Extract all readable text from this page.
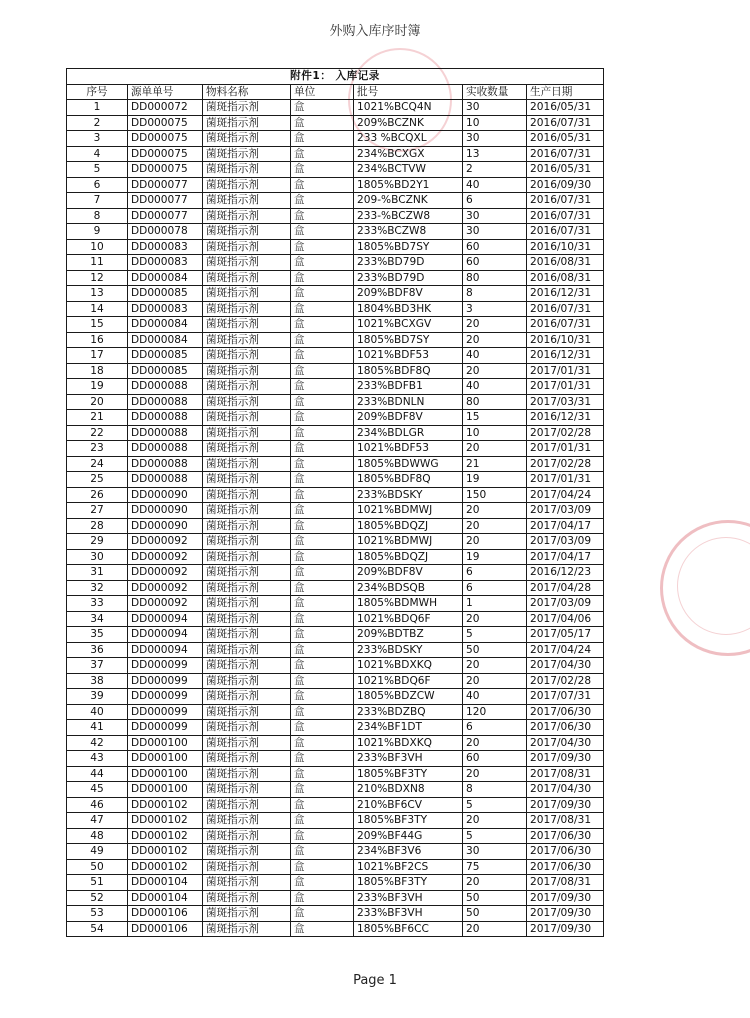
外购入库序时簿
附件1： 入库记录						
序号	源单单号	物料名称	单位	批号	实收数量	生产日期
1	DD000072	菌斑指示剂	盒	1021%BCQ4N	30	2016/05/31
2	DD000075	菌斑指示剂	盒	209%BCZNK	10	2016/07/31
3	DD000075	菌斑指示剂	盒	233 %BCQXL	30	2016/05/31
4	DD000075	菌斑指示剂	盒	234%BCXGX	13	2016/07/31
5	DD000075	菌斑指示剂	盒	234%BCTVW	2	2016/05/31
6	DD000077	菌斑指示剂	盒	1805%BD2Y1	40	2016/09/30
7	DD000077	菌斑指示剂	盒	209-%BCZNK	6	2016/07/31
8	DD000077	菌斑指示剂	盒	233-%BCZW8	30	2016/07/31
9	DD000078	菌斑指示剂	盒	233%BCZW8	30	2016/07/31
10	DD000083	菌斑指示剂	盒	1805%BD7SY	60	2016/10/31
11	DD000083	菌斑指示剂	盒	233%BD79D	60	2016/08/31
12	DD000084	菌斑指示剂	盒	233%BD79D	80	2016/08/31
13	DD000085	菌斑指示剂	盒	209%BDF8V	8	2016/12/31
14	DD000083	菌斑指示剂	盒	1804%BD3HK	3	2016/07/31
15	DD000084	菌斑指示剂	盒	1021%BCXGV	20	2016/07/31
16	DD000084	菌斑指示剂	盒	1805%BD7SY	20	2016/10/31
17	DD000085	菌斑指示剂	盒	1021%BDF53	40	2016/12/31
18	DD000085	菌斑指示剂	盒	1805%BDF8Q	20	2017/01/31
19	DD000088	菌斑指示剂	盒	233%BDFB1	40	2017/01/31
20	DD000088	菌斑指示剂	盒	233%BDNLN	80	2017/03/31
21	DD000088	菌斑指示剂	盒	209%BDF8V	15	2016/12/31
22	DD000088	菌斑指示剂	盒	234%BDLGR	10	2017/02/28
23	DD000088	菌斑指示剂	盒	1021%BDF53	20	2017/01/31
24	DD000088	菌斑指示剂	盒	1805%BDWWG	21	2017/02/28
25	DD000088	菌斑指示剂	盒	1805%BDF8Q	19	2017/01/31
26	DD000090	菌斑指示剂	盒	233%BDSKY	150	2017/04/24
27	DD000090	菌斑指示剂	盒	1021%BDMWJ	20	2017/03/09
28	DD000090	菌斑指示剂	盒	1805%BDQZJ	20	2017/04/17
29	DD000092	菌斑指示剂	盒	1021%BDMWJ	20	2017/03/09
30	DD000092	菌斑指示剂	盒	1805%BDQZJ	19	2017/04/17
31	DD000092	菌斑指示剂	盒	209%BDF8V	6	2016/12/23
32	DD000092	菌斑指示剂	盒	234%BDSQB	6	2017/04/28
33	DD000092	菌斑指示剂	盒	1805%BDMWH	1	2017/03/09
34	DD000094	菌斑指示剂	盒	1021%BDQ6F	20	2017/04/06
35	DD000094	菌斑指示剂	盒	209%BDTBZ	5	2017/05/17
36	DD000094	菌斑指示剂	盒	233%BDSKY	50	2017/04/24
37	DD000099	菌斑指示剂	盒	1021%BDXKQ	20	2017/04/30
38	DD000099	菌斑指示剂	盒	1021%BDQ6F	20	2017/02/28
39	DD000099	菌斑指示剂	盒	1805%BDZCW	40	2017/07/31
40	DD000099	菌斑指示剂	盒	233%BDZBQ	120	2017/06/30
41	DD000099	菌斑指示剂	盒	234%BF1DT	6	2017/06/30
42	DD000100	菌斑指示剂	盒	1021%BDXKQ	20	2017/04/30
43	DD000100	菌斑指示剂	盒	233%BF3VH	60	2017/09/30
44	DD000100	菌斑指示剂	盒	1805%BF3TY	20	2017/08/31
45	DD000100	菌斑指示剂	盒	210%BDXN8	8	2017/04/30
46	DD000102	菌斑指示剂	盒	210%BF6CV	5	2017/09/30
47	DD000102	菌斑指示剂	盒	1805%BF3TY	20	2017/08/31
48	DD000102	菌斑指示剂	盒	209%BF44G	5	2017/06/30
49	DD000102	菌斑指示剂	盒	234%BF3V6	30	2017/06/30
50	DD000102	菌斑指示剂	盒	1021%BF2CS	75	2017/06/30
51	DD000104	菌斑指示剂	盒	1805%BF3TY	20	2017/08/31
52	DD000104	菌斑指示剂	盒	233%BF3VH	50	2017/09/30
53	DD000106	菌斑指示剂	盒	233%BF3VH	50	2017/09/30
54	DD000106	菌斑指示剂	盒	1805%BF6CC	20	2017/09/30
Page 1
